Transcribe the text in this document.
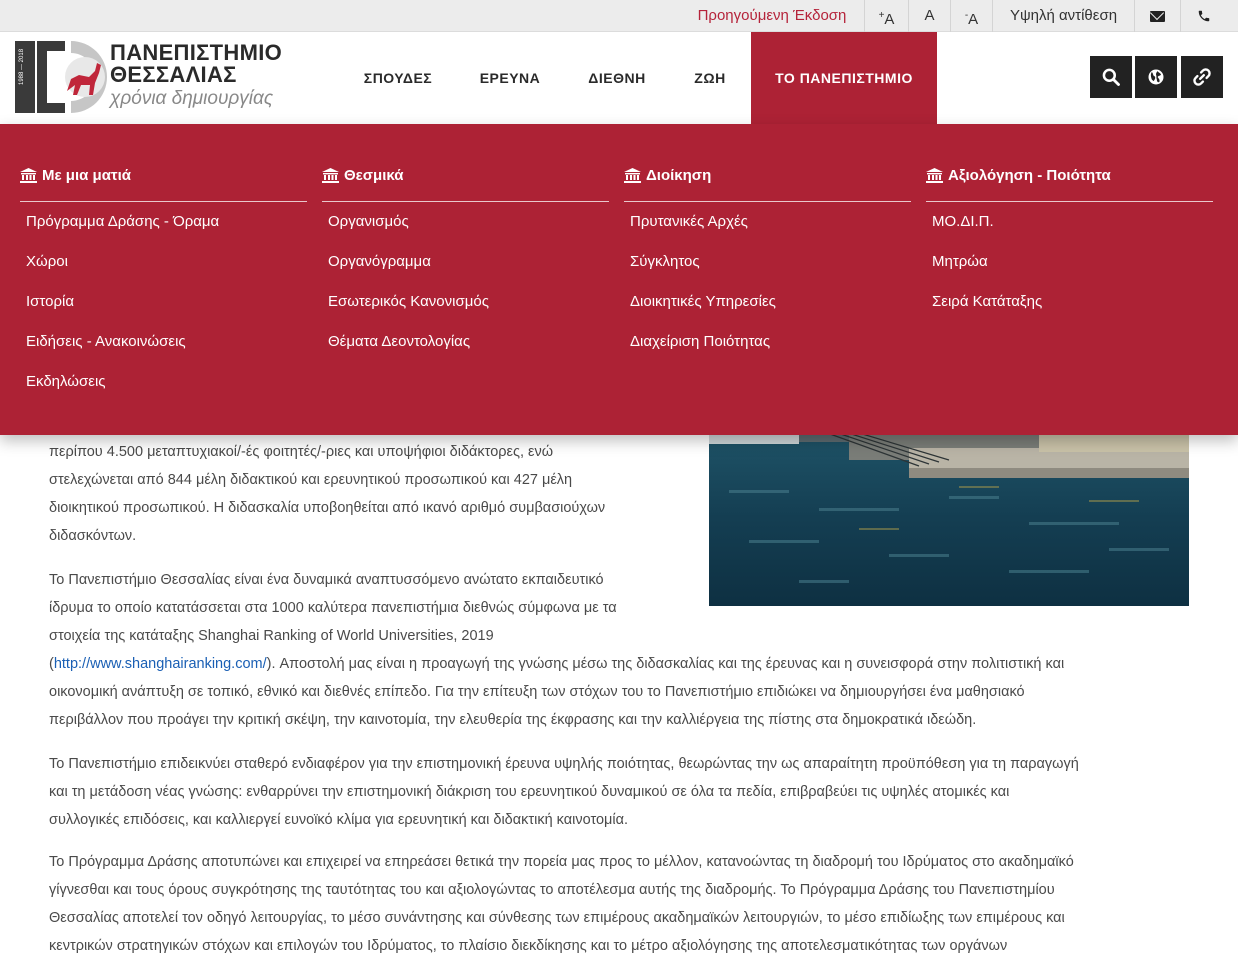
Προηγούμενη Έκδοση	+A	A	-A	Υψηλή αντίθεση
1988 — 2018	ΠΑΝΕΠΙΣΤΗΜΙΟ
ΘΕΣΣΑΛΙΑΣ
χρόνια δημιουργίας
ΣΠΟΥΔΕΣ	ΕΡΕΥΝΑ	ΔΙΕΘΝΗ	ΖΩΗ	ΤΟ ΠΑΝΕΠΙΣΤΗΜΙΟ
περίπου 4.500 μεταπτυχιακοί/-ές φοιτητές/-ριες και υποψήφιοι διδάκτορες, ενώ
στελεχώνεται από 844 μέλη διδακτικού και ερευνητικού προσωπικού και 427 μέλη
διοικητικού προσωπικού. Η διδασκαλία υποβοηθείται από ικανό αριθμό συμβασιούχων
διδασκόντων.
Το Πανεπιστήμιο Θεσσαλίας είναι ένα δυναμικά αναπτυσσόμενο ανώτατο εκπαιδευτικό
ίδρυμα το οποίο κατατάσσεται στα 1000 καλύτερα πανεπιστήμια διεθνώς σύμφωνα με τα
στοιχεία της κατάταξης Shanghai Ranking of World Universities, 2019
(http://www.shanghairanking.com/). Αποστολή μας είναι η προαγωγή της γνώσης μέσω της διδασκαλίας και της έρευνας και η συνεισφορά στην πολιτιστική και
οικονομική ανάπτυξη σε τοπικό, εθνικό και διεθνές επίπεδο. Για την επίτευξη των στόχων του το Πανεπιστήμιο επιδιώκει να δημιουργήσει ένα μαθησιακό
περιβάλλον που προάγει την κριτική σκέψη, την καινοτομία, την ελευθερία της έκφρασης και την καλλιέργεια της πίστης στα δημοκρατικά ιδεώδη.
Το Πανεπιστήμιο επιδεικνύει σταθερό ενδιαφέρον για την επιστημονική έρευνα υψηλής ποιότητας, θεωρώντας την ως απαραίτητη προϋπόθεση για τη παραγωγή
και τη μετάδοση νέας γνώσης: ενθαρρύνει την επιστημονική διάκριση του ερευνητικού δυναμικού σε όλα τα πεδία, επιβραβεύει τις υψηλές ατομικές και
συλλογικές επιδόσεις, και καλλιεργεί ευνοϊκό κλίμα για ερευνητική και διδακτική καινοτομία.
Το Πρόγραμμα Δράσης αποτυπώνει και επιχειρεί να επηρεάσει θετικά την πορεία μας προς το μέλλον, κατανοώντας τη διαδρομή του Ιδρύματος στο ακαδημαϊκό
γίγνεσθαι και τους όρους συγκρότησης της ταυτότητας του και αξιολογώντας το αποτέλεσμα αυτής της διαδρομής. Το Πρόγραμμα Δράσης του Πανεπιστημίου
Θεσσαλίας αποτελεί τον οδηγό λειτουργίας, το μέσο συνάντησης και σύνθεσης των επιμέρους ακαδημαϊκών λειτουργιών, το μέσο επιδίωξης των επιμέρους και
κεντρικών στρατηγικών στόχων και επιλογών του Ιδρύματος, το πλαίσιο διεκδίκησης και το μέτρο αξιολόγησης της αποτελεσματικότητας των οργάνων
Με μια ματιά
Πρόγραμμα Δράσης - Όραμα
Χώροι
Ιστορία
Ειδήσεις - Ανακοινώσεις
Εκδηλώσεις
Θεσμικά
Οργανισμός
Οργανόγραμμα
Εσωτερικός Κανονισμός
Θέματα Δεοντολογίας
Διοίκηση
Πρυτανικές Αρχές
Σύγκλητος
Διοικητικές Υπηρεσίες
Διαχείριση Ποιότητας
Αξιολόγηση - Ποιότητα
ΜΟ.ΔΙ.Π.
Μητρώα
Σειρά Κατάταξης
